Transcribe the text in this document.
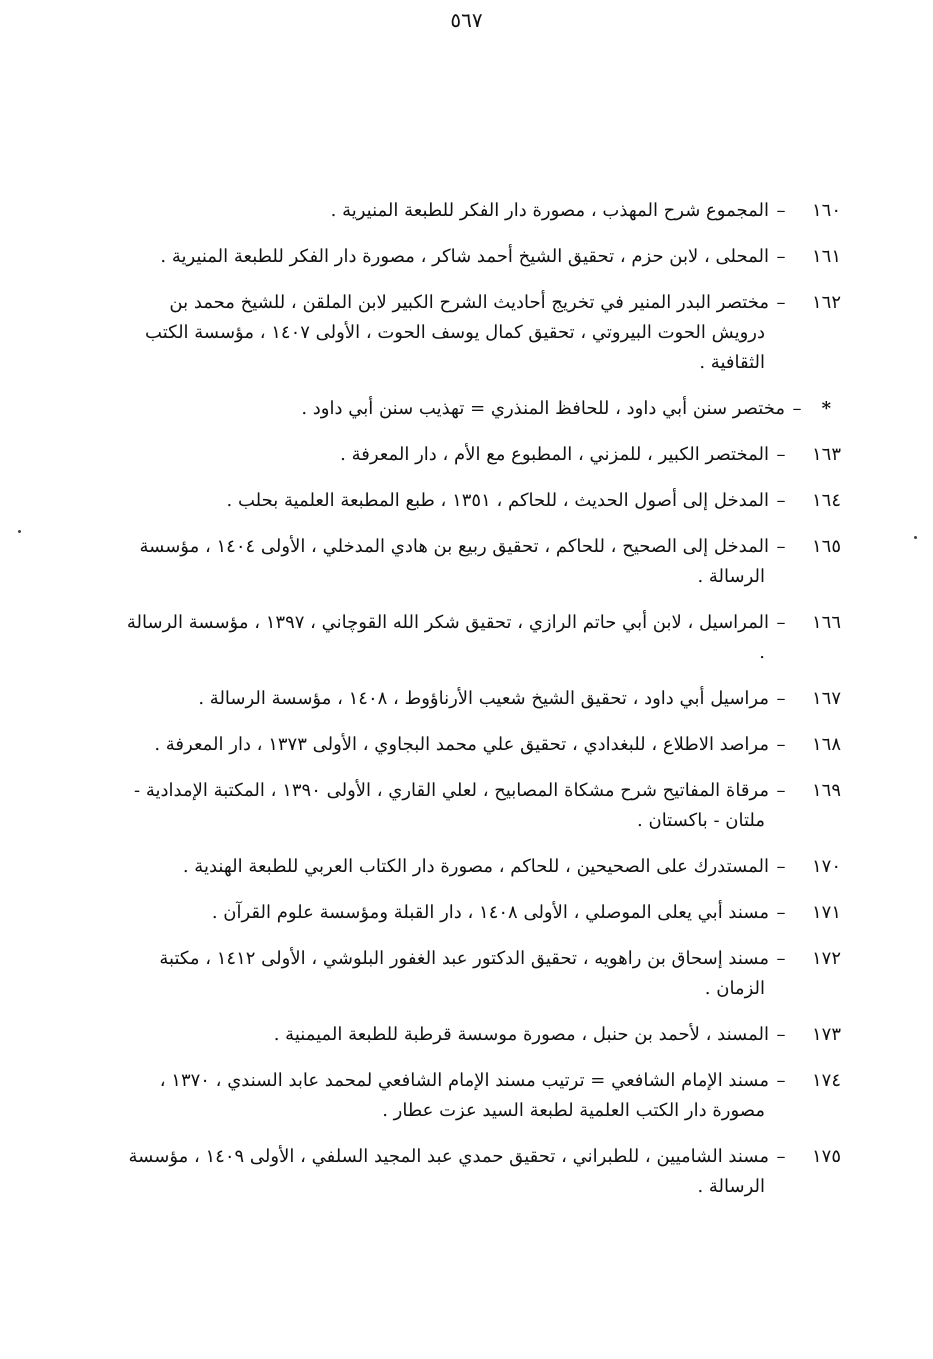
٥٦٧

١٦٠–المجموع شرح المهذب ، مصورة دار الفكر للطبعة المنيرية .

١٦١–المحلى ، لابن حزم ، تحقيق الشيخ أحمد شاكر ، مصورة دار الفكر للطبعة المنيرية .

١٦٢–مختصر البدر المنير في تخريج أحاديث الشرح الكبير لابن الملقن ، للشيخ محمد بن درويش الحوت البيروتي ، تحقيق كمال يوسف الحوت ، الأولى ١٤٠٧ ، مؤسسة الكتب الثقافية .

*–مختصر سنن أبي داود ، للحافظ المنذري = تهذيب سنن أبي داود .

١٦٣–المختصر الكبير ، للمزني ، المطبوع مع الأم ، دار المعرفة .

١٦٤–المدخل إلى أصول الحديث ، للحاكم ، ١٣٥١ ، طبع المطبعة العلمية بحلب .

١٦٥–المدخل إلى الصحيح ، للحاكم ، تحقيق ربيع بن هادي المدخلي ، الأولى ١٤٠٤ ، مؤسسة الرسالة .

١٦٦–المراسيل ، لابن أبي حاتم الرازي ، تحقيق شكر الله القوچاني ، ١٣٩٧ ، مؤسسة الرسالة .

١٦٧–مراسيل أبي داود ، تحقيق الشيخ شعيب الأرناؤوط ، ١٤٠٨ ، مؤسسة الرسالة .

١٦٨–مراصد الاطلاع ، للبغدادي ، تحقيق علي محمد البجاوي ، الأولى ١٣٧٣ ، دار المعرفة .

١٦٩–مرقاة المفاتيح شرح مشكاة المصابيح ، لعلي القاري ، الأولى ١٣٩٠ ، المكتبة الإمدادية - ملتان - باكستان .

١٧٠–المستدرك على الصحيحين ، للحاكم ، مصورة دار الكتاب العربي للطبعة الهندية .

١٧١–مسند أبي يعلى الموصلي ، الأولى ١٤٠٨ ، دار القبلة ومؤسسة علوم القرآن .

١٧٢–مسند إسحاق بن راهويه ، تحقيق الدكتور عبد الغفور البلوشي ، الأولى ١٤١٢ ، مكتبة الزمان .

١٧٣–المسند ، لأحمد بن حنبل ، مصورة موسسة قرطبة للطبعة الميمنية .

١٧٤–مسند الإمام الشافعي = ترتيب مسند الإمام الشافعي لمحمد عابد السندي ، ١٣٧٠ ، مصورة دار الكتب العلمية لطبعة السيد عزت عطار .

١٧٥–مسند الشاميين ، للطبراني ، تحقيق حمدي عبد المجيد السلفي ، الأولى ١٤٠٩ ، مؤسسة الرسالة .
